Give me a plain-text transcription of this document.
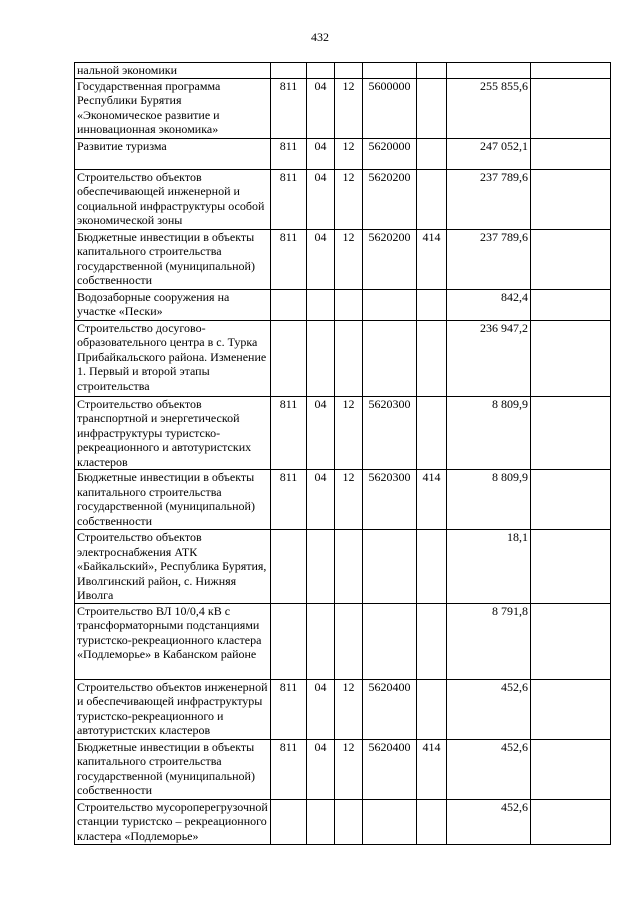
432
нальной экономики							
Государственная программа Республики Бурятия «Экономическое развитие и инновационная экономика»	811	04	12	5600000		255 855,6	
Развитие туризма	811	04	12	5620000		247 052,1	
Строительство объектов обеспечивающей инженерной и социальной инфраструктуры особой экономической зоны	811	04	12	5620200		237 789,6	
Бюджетные инвестиции в объекты капитального строительства государственной (муниципальной) собственности	811	04	12	5620200	414	237 789,6	
Водозаборные сооружения на участке «Пески»						842,4	
Строительство досугово-образовательного центра в с. Турка Прибайкальского района. Изменение 1. Первый и второй этапы строительства						236 947,2	
Строительство объектов транспортной и энергетической инфраструктуры туристско-рекреационного и автотуристских кластеров	811	04	12	5620300		8 809,9	
Бюджетные инвестиции в объекты капитального строительства государственной (муниципальной) собственности	811	04	12	5620300	414	8 809,9	
Строительство объектов электроснабжения АТК «Байкальский», Республика Бурятия, Иволгинский район, с. Нижняя Иволга						18,1	
Строительство ВЛ 10/0,4 кВ с трансформаторными подстанциями туристско-рекреационного кластера «Подлеморье» в Кабанском районе						8 791,8	
Строительство объектов инженерной и обеспечивающей инфраструктуры туристско-рекреационного и автотуристских кластеров	811	04	12	5620400		452,6	
Бюджетные инвестиции в объекты капитального строительства государственной (муниципальной) собственности	811	04	12	5620400	414	452,6	
Строительство мусороперегрузочной станции туристско – рекреационного кластера «Подлеморье»						452,6	
